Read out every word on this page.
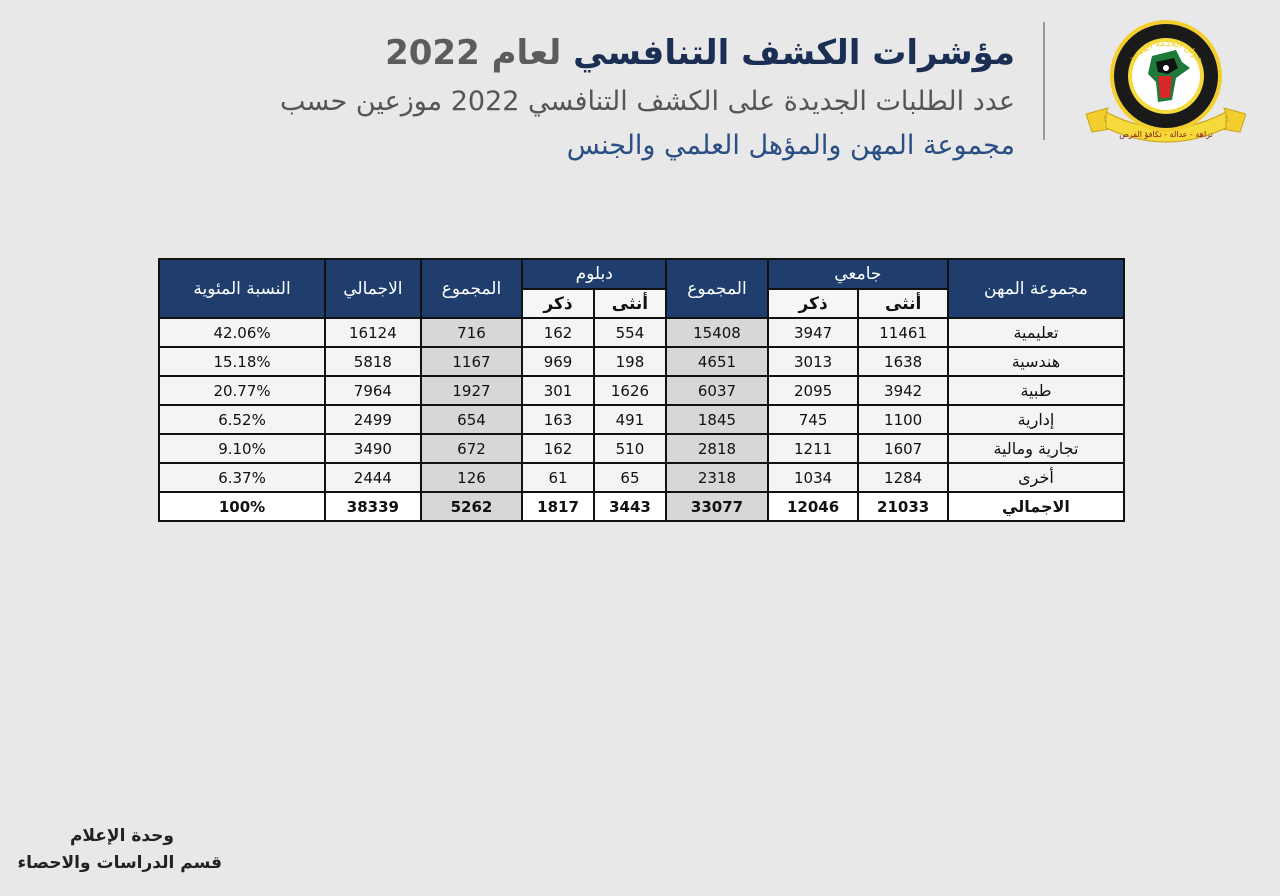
ديوان الخدمة المدنية
نزاهة - عدالة - تكافؤ الفرص
مؤشرات الكشف التنافسي لعام 2022
عدد الطلبات الجديدة على الكشف التنافسي 2022 موزعين حسب
مجموعة المهن والمؤهل العلمي والجنس
مجموعة المهن	جامعي		المجموع	دبلوم		المجموع	الاجمالي	النسبة المئوية
	أنثى	ذكر		أنثى	ذكر			
تعليمية	11461	3947	15408	554	162	716	16124	42.06%
هندسية	1638	3013	4651	198	969	1167	5818	15.18%
طبية	3942	2095	6037	1626	301	1927	7964	20.77%
إدارية	1100	745	1845	491	163	654	2499	6.52%
تجارية ومالية	1607	1211	2818	510	162	672	3490	9.10%
أخرى	1284	1034	2318	65	61	126	2444	6.37%
الاجمالي	21033	12046	33077	3443	1817	5262	38339	100%
وحدة الإعلام
قسم الدراسات والاحصاء
